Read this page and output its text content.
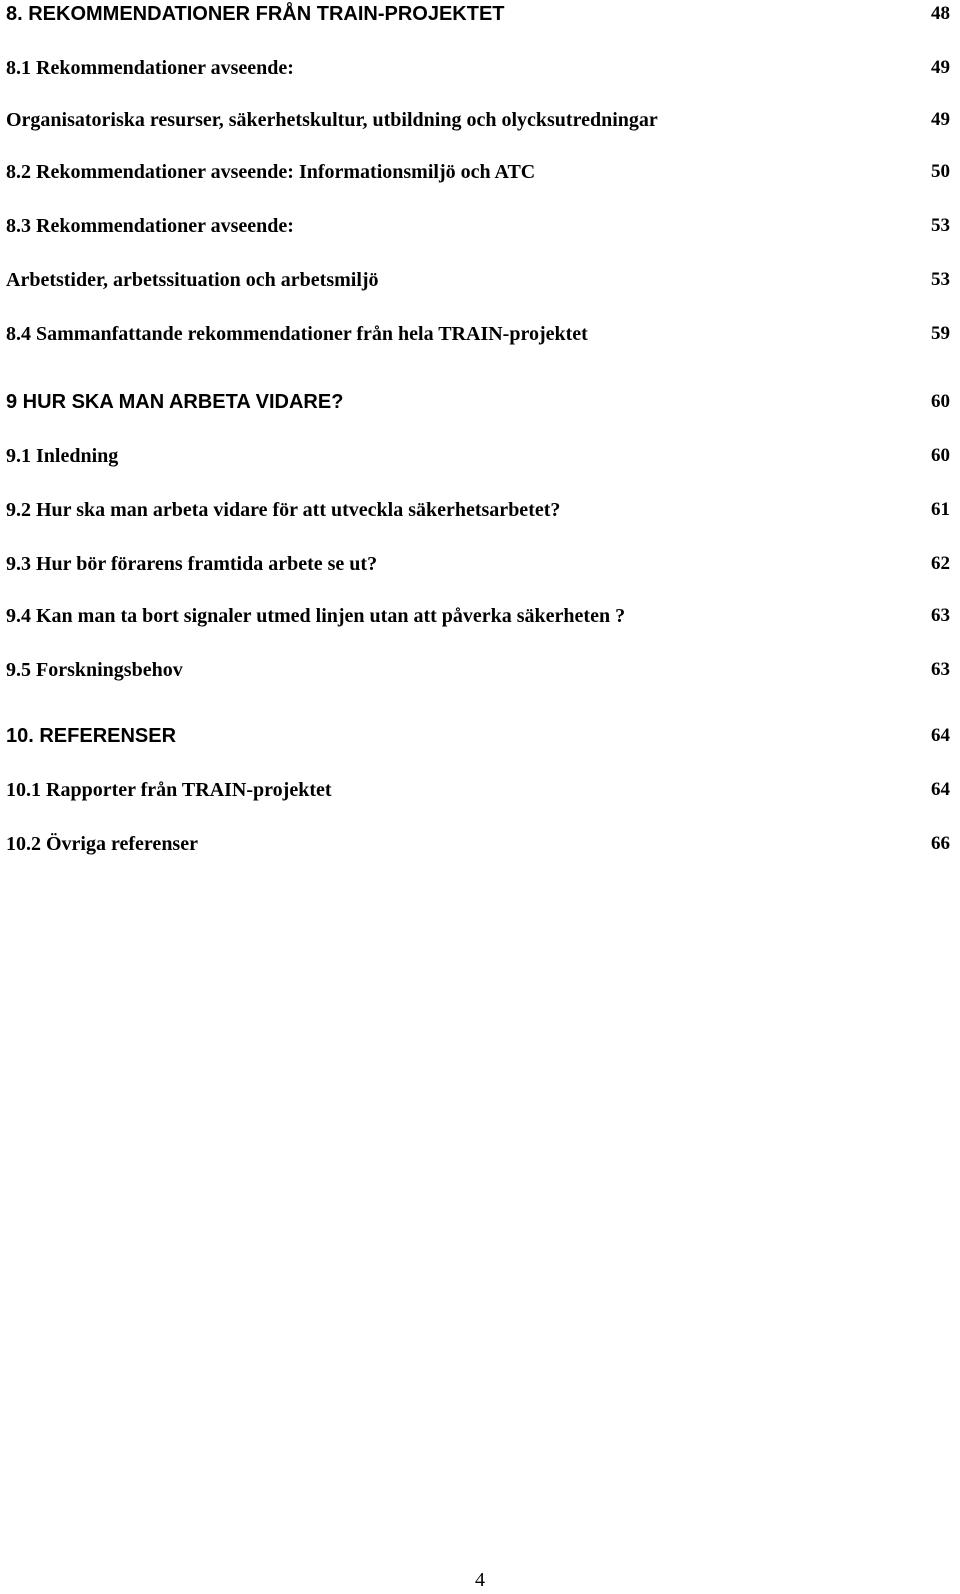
8. REKOMMENDATIONER FRÅN TRAIN-PROJEKTET	48
8.1 Rekommendationer avseende:	49
Organisatoriska resurser, säkerhetskultur, utbildning och olycksutredningar	49
8.2 Rekommendationer avseende: Informationsmiljö och ATC	50
8.3 Rekommendationer avseende:	53
Arbetstider, arbetssituation och arbetsmiljö	53
8.4 Sammanfattande rekommendationer från hela TRAIN-projektet	59
9 HUR SKA MAN ARBETA VIDARE?	60
9.1 Inledning	60
9.2 Hur ska man arbeta vidare för att utveckla säkerhetsarbetet?	61
9.3 Hur bör förarens framtida arbete se ut?	62
9.4 Kan man ta bort signaler utmed linjen utan att påverka säkerheten ?	63
9.5 Forskningsbehov	63
10. REFERENSER	64
10.1 Rapporter från TRAIN-projektet	64
10.2 Övriga referenser	66
4
